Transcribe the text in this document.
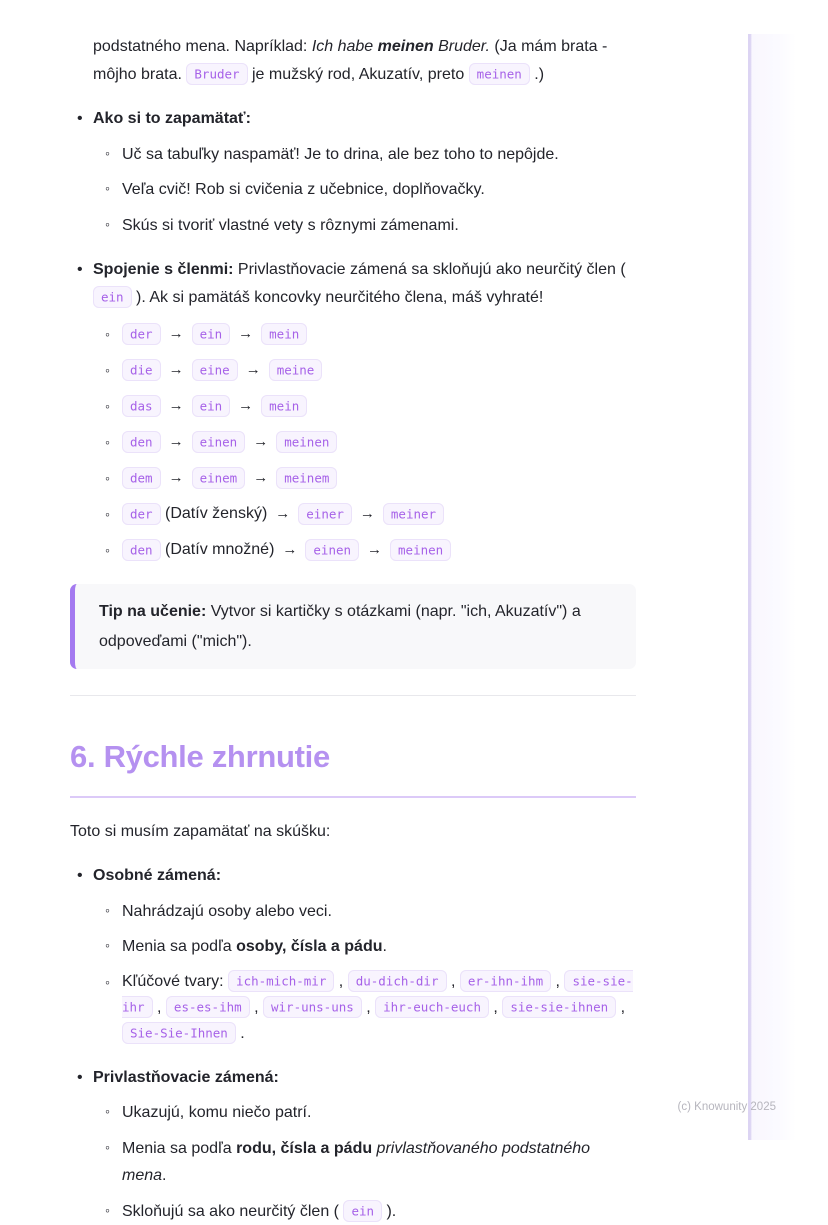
podstatného mena. Napríklad: Ich habe meinen Bruder. (Ja mám brata - môjho brata. Bruder je mužský rod, Akuzatív, preto meinen .)

• Ako si to zapamätať:
◦ Uč sa tabuľky naspamäť! Je to drina, ale bez toho to nepôjde.
◦ Veľa cvič! Rob si cvičenia z učebnice, doplňovačky.
◦ Skús si tvoriť vlastné vety s rôznymi zámenami.
• Spojenie s členmi: Privlastňovacie zámená sa skloňujú ako neurčitý člen ( ein ). Ak si pamätáš koncovky neurčitého člena, máš vyhraté!
◦ der → ein → mein
◦ die → eine → meine
◦ das → ein → mein
◦ den → einen → meinen
◦ dem → einem → meinem
◦ der (Datív ženský) → einer → meiner
◦ den (Datív množné) → einen → meinen
Tip na učenie: Vytvor si kartičky s otázkami (napr. "ich, Akuzatív") a odpoveďami ("mich").
6. Rýchle zhrnutie

Toto si musím zapamätať na skúšku:

• Osobné zámená:
◦ Nahrádzajú osoby alebo veci.
◦ Menia sa podľa osoby, čísla a pádu.
◦ Kľúčové tvary: ich-mich-mir , du-dich-dir , er-ihn-ihm , sie-sie-ihr , es-es-ihm , wir-uns-uns , ihr-euch-euch , sie-sie-ihnen , Sie-Sie-Ihnen .
• Privlastňovacie zámená:
◦ Ukazujú, komu niečo patrí.
◦ Menia sa podľa rodu, čísla a pádu privlastňovaného podstatného mena.
◦ Skloňujú sa ako neurčitý člen ( ein ).
(c) Knowunity 2025
